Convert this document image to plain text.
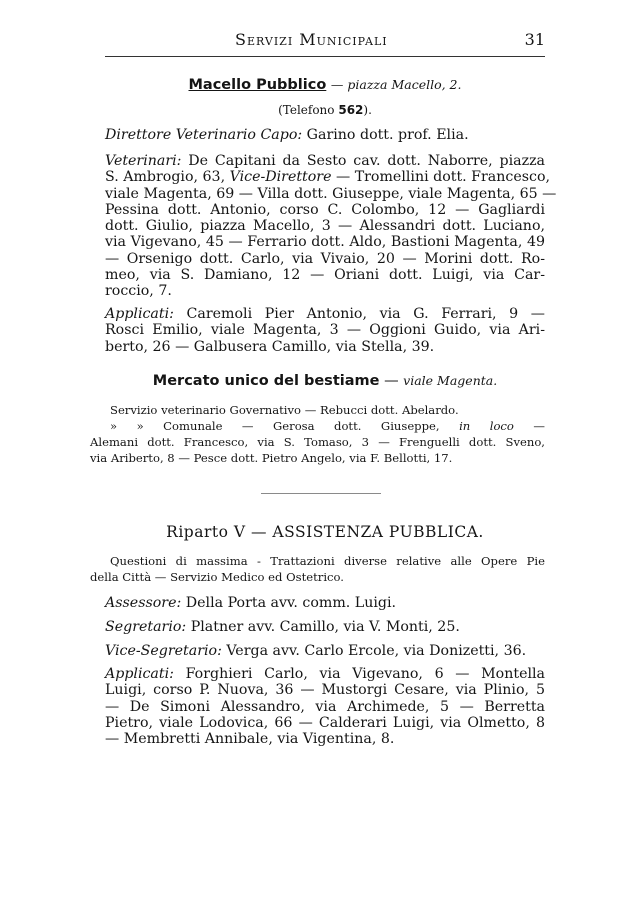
Servizi Municipali	31
Macello Pubblico — piazza Macello, 2.
(Telefono 562).
Direttore Veterinario Capo: Garino dott. prof. Elia.
Veterinari: De Capitani da Sesto cav. dott. Naborre, piazza
S. Ambrogio, 63, Vice-Direttore — Tromellini dott. Francesco,
viale Magenta, 69 — Villa dott. Giuseppe, viale Magenta, 65 —
Pessina dott. Antonio, corso C. Colombo, 12 — Gagliardi
dott. Giulio, piazza Macello, 3 — Alessandri dott. Luciano,
via Vigevano, 45 — Ferrario dott. Aldo, Bastioni Magenta, 49
— Orsenigo dott. Carlo, via Vivaio, 20 — Morini dott. Ro-
meo, via S. Damiano, 12 — Oriani dott. Luigi, via Car-
roccio, 7.
Applicati: Caremoli Pier Antonio, via G. Ferrari, 9 —
Rosci Emilio, viale Magenta, 3 — Oggioni Guido, via Ari-
berto, 26 — Galbusera Camillo, via Stella, 39.
Mercato unico del bestiame — viale Magenta.
Servizio veterinario Governativo — Rebucci dott. Abelardo.
» » Comunale — Gerosa dott. Giuseppe, in loco —
Alemani dott. Francesco, via S. Tomaso, 3 — Frenguelli dott. Sveno,
via Ariberto, 8 — Pesce dott. Pietro Angelo, via F. Bellotti, 17.
Riparto V — ASSISTENZA PUBBLICA.
Questioni di massima - Trattazioni diverse relative alle Opere Pie
della Città — Servizio Medico ed Ostetrico.
Assessore: Della Porta avv. comm. Luigi.
Segretario: Platner avv. Camillo, via V. Monti, 25.
Vice-Segretario: Verga avv. Carlo Ercole, via Donizetti, 36.
Applicati: Forghieri Carlo, via Vigevano, 6 — Montella
Luigi, corso P. Nuova, 36 — Mustorgi Cesare, via Plinio, 5
— De Simoni Alessandro, via Archimede, 5 — Berretta
Pietro, viale Lodovica, 66 — Calderari Luigi, via Olmetto, 8
— Membretti Annibale, via Vigentina, 8.
